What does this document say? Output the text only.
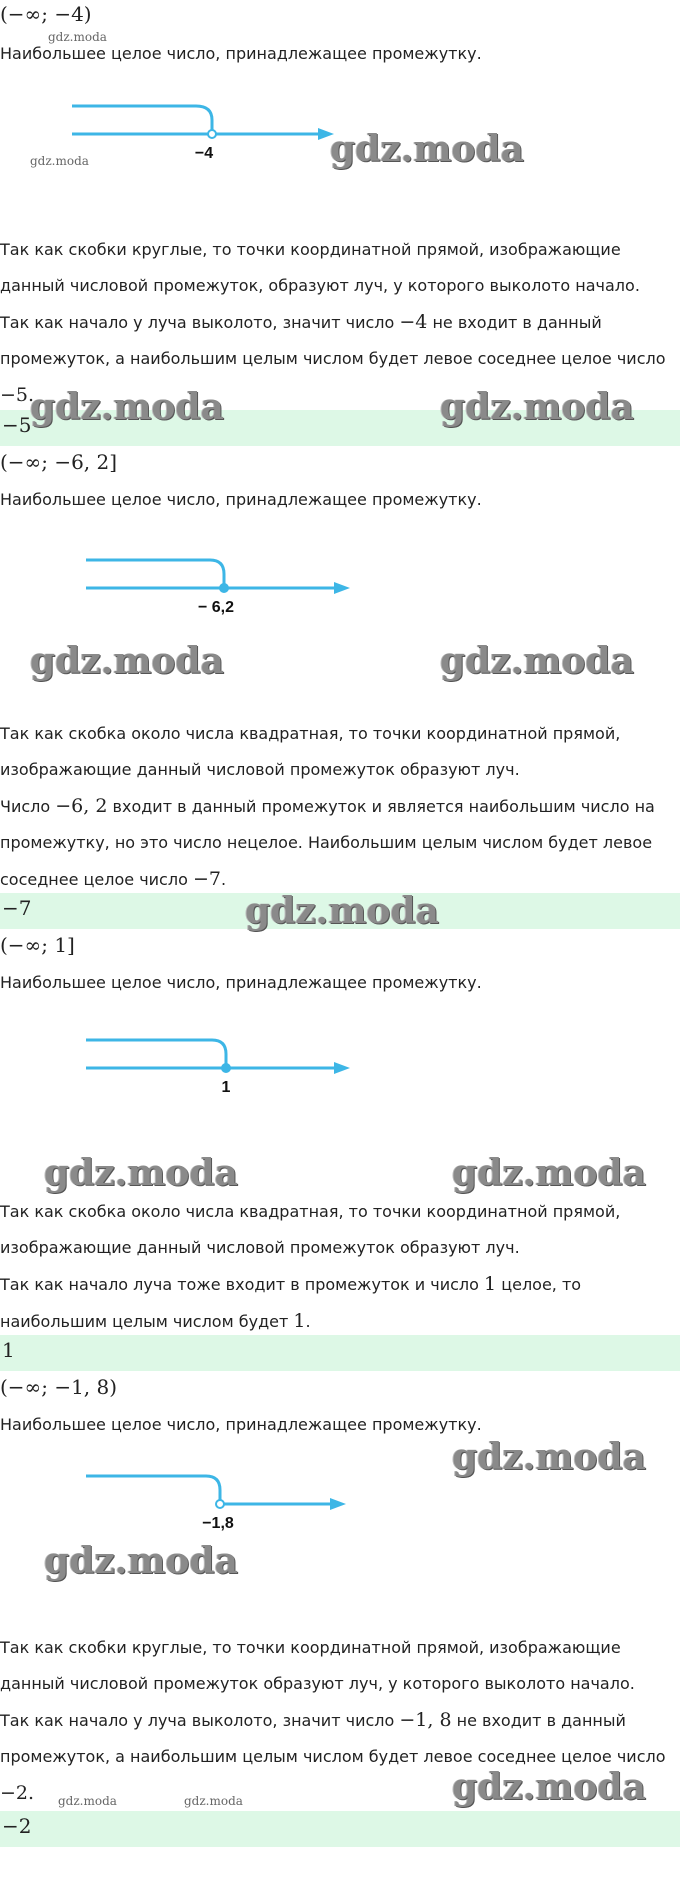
(−∞; −4)
gdz.moda
Наибольшее целое число, принадлежащее промежутку.
−4
gdz.moda	gdz.moda
Так как скобки круглые, то точки координатной прямой, изображающие
данный числовой промежуток, образуют луч, у которого выколото начало.
Так как начало у луча выколото, значит число −4 не входит в данный
промежуток, а наибольшим целым числом будет левое соседнее целое число
−5.
−5
gdz.moda	gdz.moda
(−∞; −6, 2]
Наибольшее целое число, принадлежащее промежутку.
− 6,2
gdz.moda	gdz.moda
Так как скобка около числа квадратная, то точки координатной прямой,
изображающие данный числовой промежуток образуют луч.
Число −6, 2 входит в данный промежуток и является наибольшим число на
промежутку, но это число нецелое. Наибольшим целым числом будет левое
соседнее целое число −7.
−7	gdz.moda
(−∞; 1]
Наибольшее целое число, принадлежащее промежутку.
1
gdz.moda	gdz.moda
Так как скобка около числа квадратная, то точки координатной прямой,
изображающие данный числовой промежуток образуют луч.
Так как начало луча тоже входит в промежуток и число 1 целое, то
наибольшим целым числом будет 1.
1
(−∞; −1, 8)
Наибольшее целое число, принадлежащее промежутку.
gdz.moda
−1,8
gdz.moda
Так как скобки круглые, то точки координатной прямой, изображающие
данный числовой промежуток образуют луч, у которого выколото начало.
Так как начало у луча выколото, значит число −1, 8 не входит в данный
промежуток, а наибольшим целым числом будет левое соседнее целое число
−2.	gdz.moda	gdz.moda	gdz.moda
−2
